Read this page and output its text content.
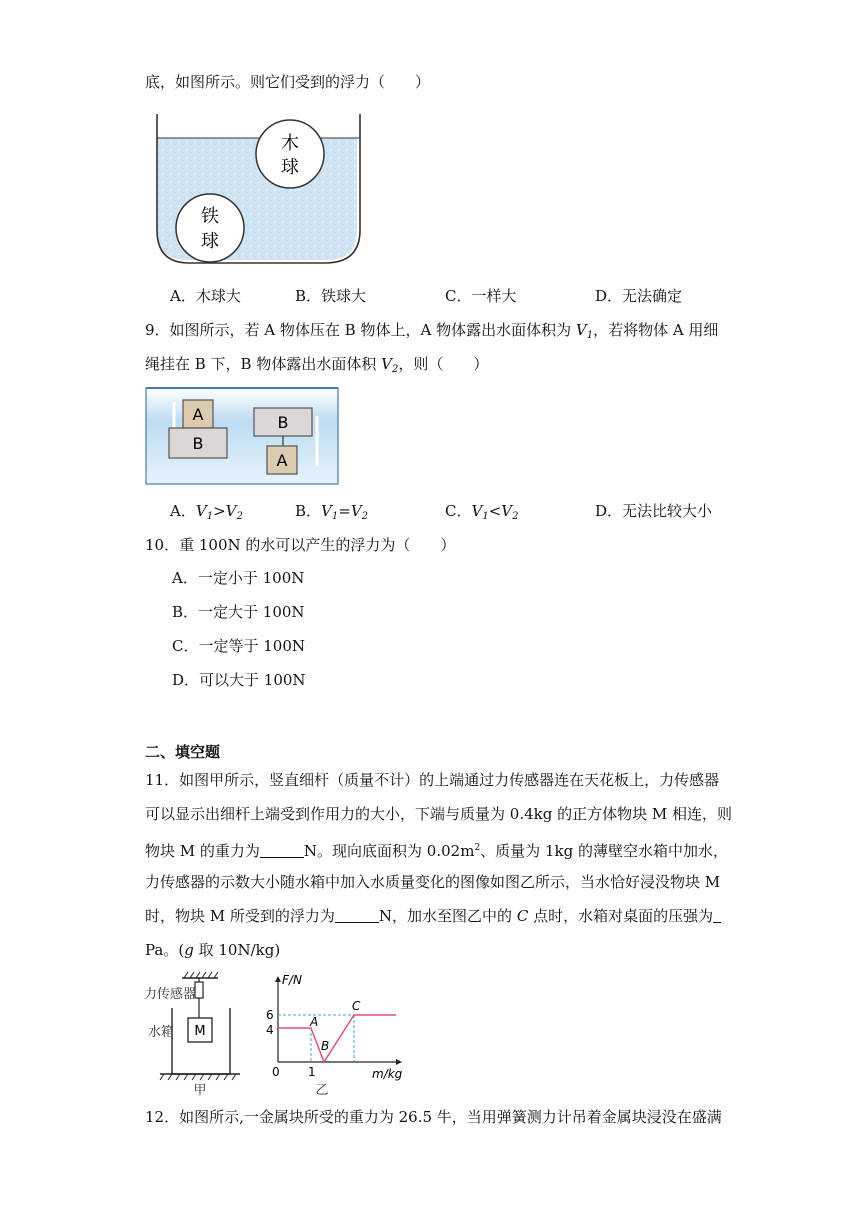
底，如图所示。则它们受到的浮力（　　）
木
球
铁
球
A．木球大	B．铁球大	C．一样大	D．无法确定
9．如图所示，若 A 物体压在 B 物体上，A 物体露出水面体积为 $V_1$，若将物体 A 用细
绳挂在 B 下，B 物体露出水面体积 $V_2$，则（　　）
A
B
B
A
A．$V_1>V_2$	B．$V_1=V_2$	C．$V_1<V_2$	D．无法比较大小
10．重 100N 的水可以产生的浮力为（　　）
A．一定小于 100N
B．一定大于 100N
C．一定等于 100N
D．可以大于 100N
二、填空题
11．如图甲所示，竖直细杆（质量不计）的上端通过力传感器连在天花板上，力传感器
可以显示出细杆上端受到作用力的大小，下端与质量为 0.4kg 的正方体物块 M 相连，则
物块 M 的重力为	N。现向底面积为 $0.02m^2$、质量为 1kg 的薄壁空水箱中加水，
力传感器的示数大小随水箱中加入水质量变化的图像如图乙所示，当水恰好浸没物块 M
时，物块 M 所受到的浮力为	N，加水至图乙中的 C 点时，水箱对桌面的压强为
Pa。(g 取 10N/kg)
力传感器
M
水箱
甲
F/N
m/kg
0 1
6
4
A
B
C
乙
12．如图所示,一金属块所受的重力为 26.5 牛，当用弹簧测力计吊着金属块浸没在盛满
